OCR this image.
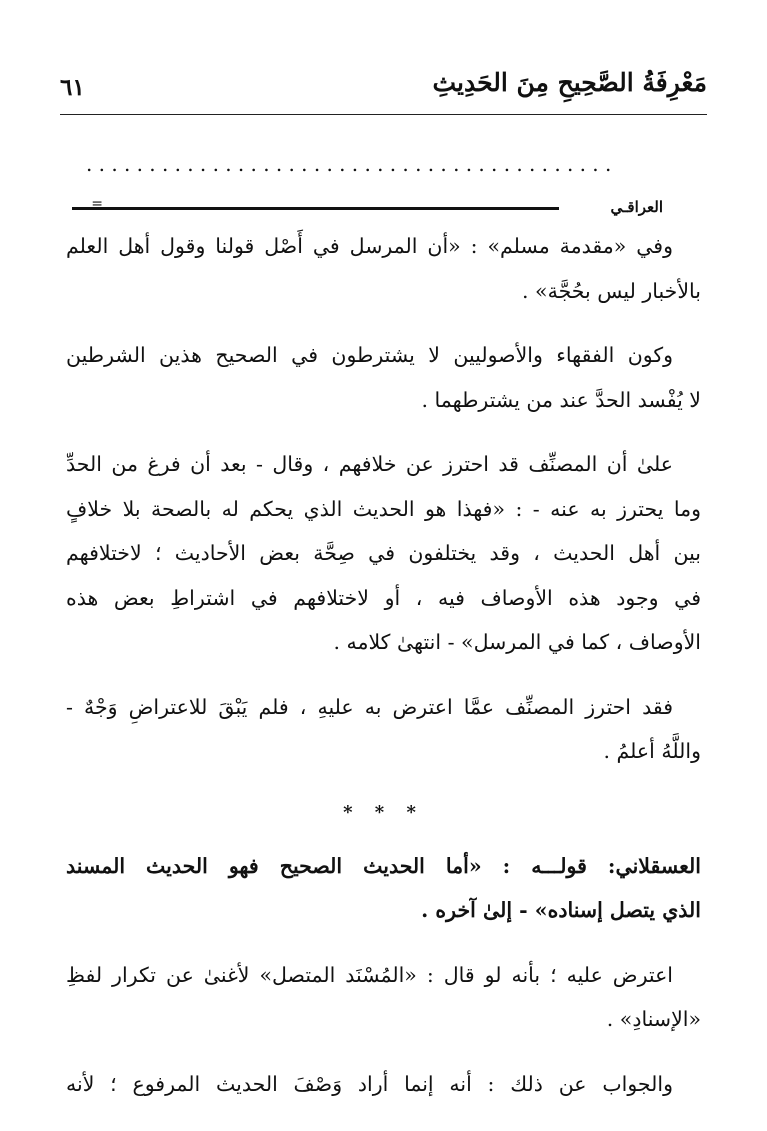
مَعْرِفَةُ الصَّحِيحِ مِنَ الحَدِيثِ
٦١
..........................................
العراقـي
=

وفي «مقدمة مسلم» : «أن المرسل في أَصْل قولنا وقول أهل العلم
بالأخبار ليس بحُجَّة» .

وكون الفقهاء والأصوليين لا يشترطون في الصحيح هذين الشرطين
لا يُفْسد الحدَّ عند من يشترطهما .

علىٰ أن المصنِّف قد احترز عن خلافهم ، وقال - بعد أن فرغ من الحدِّ
وما يحترز به عنه - : «فهذا هو الحديث الذي يحكم له بالصحة بلا خلافٍ
بين أهل الحديث ، وقد يختلفون في صِحَّة بعض الأحاديث ؛ لاختلافهم
في وجود هذه الأوصاف فيه ، أو لاختلافهم في اشتراطِ بعض هذه
الأوصاف ، كما في المرسل» - انتهىٰ كلامه .

فقد احترز المصنِّف عمَّا اعترض به عليهِ ، فلم يَبْقَ للاعتراضِ وَجْهٌ -
واللَّهُ أعلمُ .

* * *

العسقلاني: قولـــه : «أما الحديث الصحيح فهو الحديث المسند
الذي يتصل إسناده» - إلىٰ آخره .

اعترض عليه ؛ بأنه لو قال : «المُسْنَد المتصل» لأغنىٰ عن تكرار لفظِ
«الإسنادِ» .

والجواب عن ذلك : أنه إنما أراد وَصْفَ الحديث المرفوع ؛ لأنه
